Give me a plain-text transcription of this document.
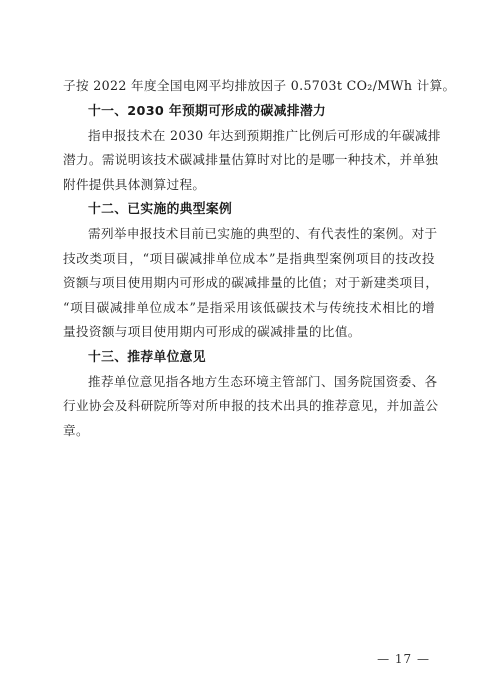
子按 2022 年度全国电网平均排放因子 0.5703t CO₂/MWh 计算。
十一、2030 年预期可形成的碳减排潜力
指申报技术在 2030 年达到预期推广比例后可形成的年碳减排
潜力。需说明该技术碳减排量估算时对比的是哪一种技术，并单独
附件提供具体测算过程。
十二、已实施的典型案例
需列举申报技术目前已实施的典型的、有代表性的案例。对于
技改类项目，“项目碳减排单位成本”是指典型案例项目的技改投
资额与项目使用期内可形成的碳减排量的比值；对于新建类项目，
“项目碳减排单位成本”是指采用该低碳技术与传统技术相比的增
量投资额与项目使用期内可形成的碳减排量的比值。
十三、推荐单位意见
推荐单位意见指各地方生态环境主管部门、国务院国资委、各
行业协会及科研院所等对所申报的技术出具的推荐意见，并加盖公
章。
— 17 —
